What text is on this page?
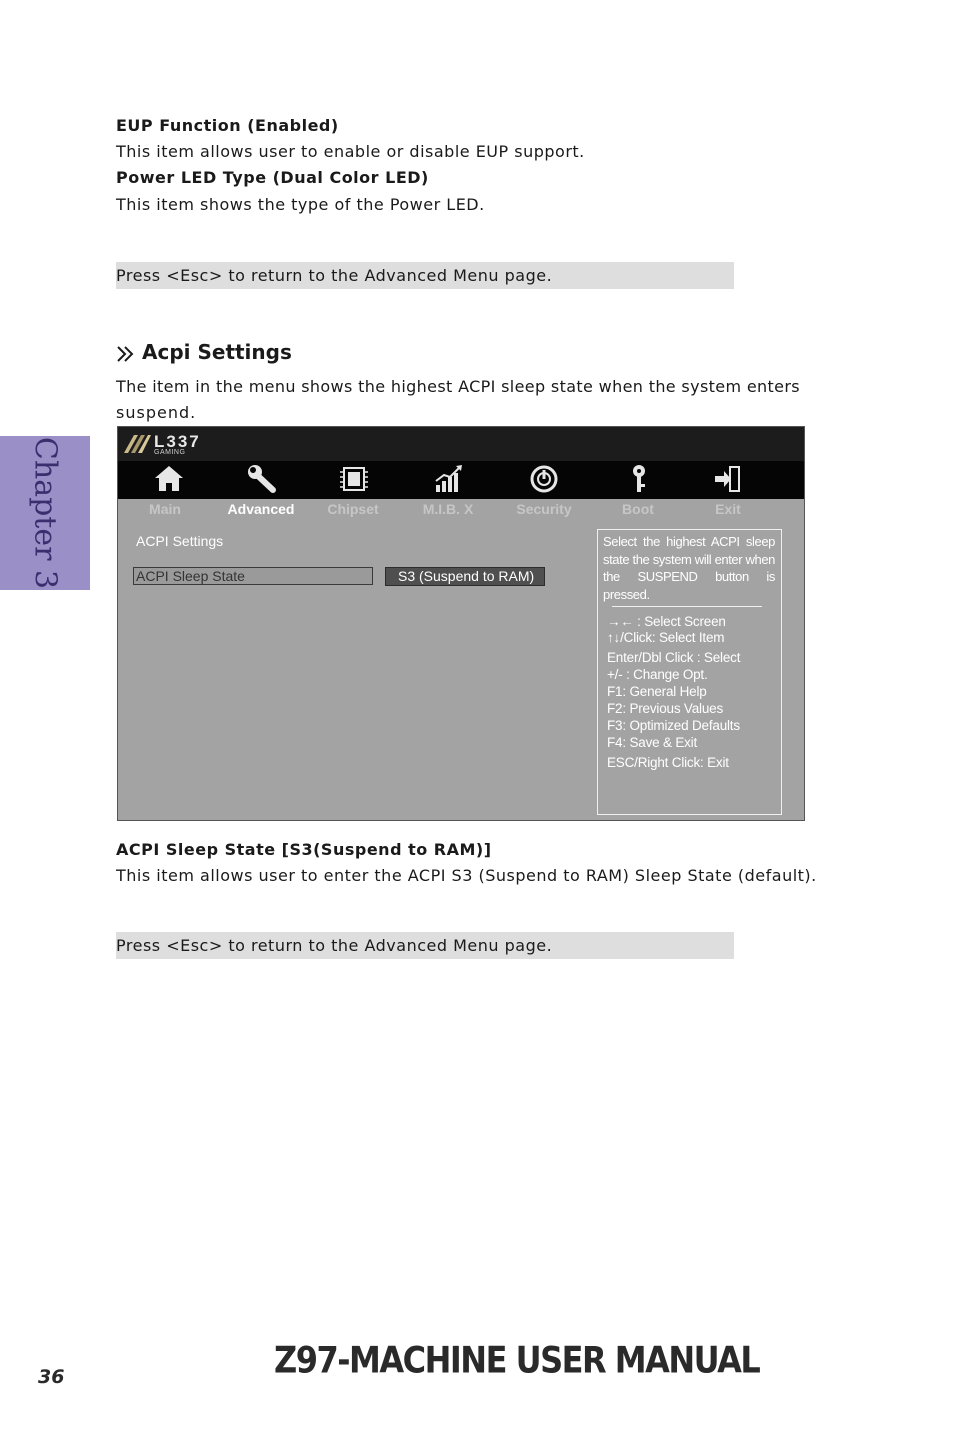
EUP Function (Enabled)
This item allows user to enable or disable EUP support.
Power LED Type (Dual Color LED)
This item shows the type of the Power LED.
Press <Esc> to return to the Advanced Menu page.
Chapter 3
Acpi Settings
The item in the menu shows the highest ACPI sleep state when the system enters
suspend.
L337
GAMING
Main	Advanced Chipset	M.I.B. X	Security	Boot	Exit
ACPI Settings
ACPI Sleep State	S3 (Suspend to RAM)
Select the highest ACPI sleep state the system will enter when the SUSPEND button is pressed.
→← : Select Screen
↑↓/Click: Select Item
Enter/Dbl Click : Select
+/- : Change Opt.
F1: General Help
F2: Previous Values
F3: Optimized Defaults
F4: Save & Exit
ESC/Right Click: Exit
ACPI Sleep State [S3(Suspend to RAM)]
This item allows user to enter the ACPI S3 (Suspend to RAM) Sleep State (default).
Press <Esc> to return to the Advanced Menu page.
36	Z97-MACHINE USER MANUAL
